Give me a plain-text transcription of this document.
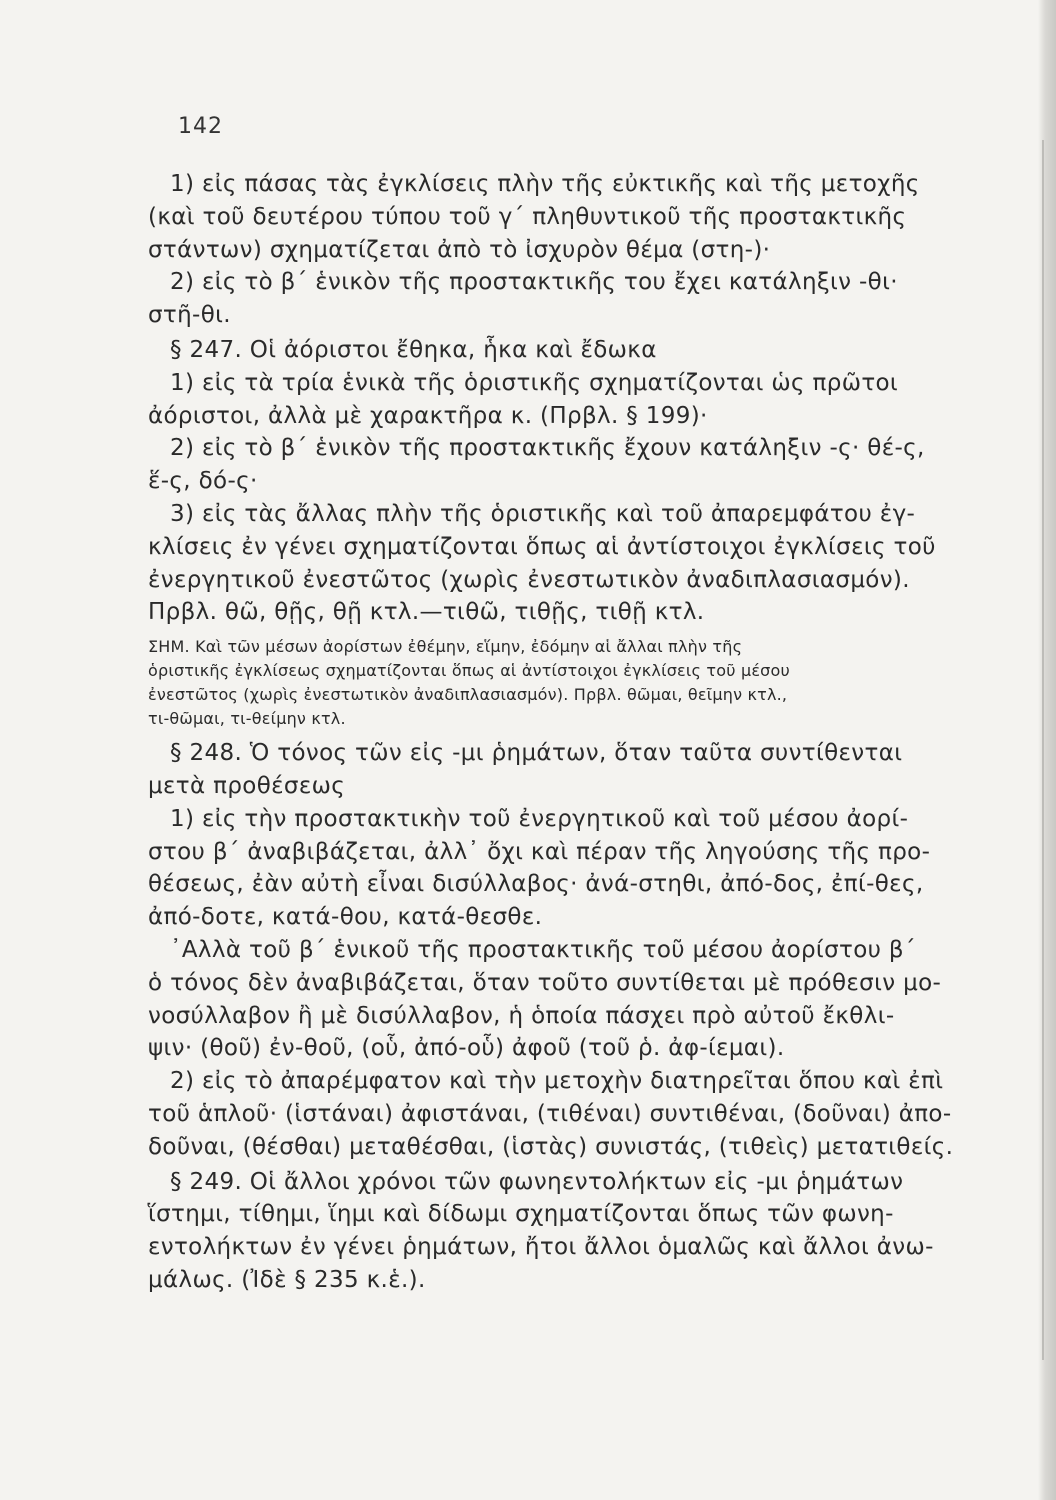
142
1) εἰς πάσας τὰς ἐγκλίσεις πλὴν τῆς εὐκτικῆς καὶ τῆς μετοχῆς
(καὶ τοῦ δευτέρου τύπου τοῦ γ΄ πληθυντικοῦ τῆς προστακτικῆς
στάντων) σχηματίζεται ἀπὸ τὸ ἰσχυρὸν θέμα (στη-)·
2) εἰς τὸ β΄ ἑνικὸν τῆς προστακτικῆς του ἔχει κατάληξιν -θι·
στῆ-θι.
§ 247. Οἱ ἀόριστοι ἔθηκα, ἧκα καὶ ἔδωκα
1) εἰς τὰ τρία ἑνικὰ τῆς ὁριστικῆς σχηματίζονται ὡς πρῶτοι
ἀόριστοι, ἀλλὰ μὲ χαρακτῆρα κ. (Πρβλ. § 199)·
2) εἰς τὸ β΄ ἑνικὸν τῆς προστακτικῆς ἔχουν κατάληξιν -ς· θέ-ς,
ἕ-ς, δό-ς·
3) εἰς τὰς ἄλλας πλὴν τῆς ὁριστικῆς καὶ τοῦ ἀπαρεμφάτου ἐγ-
κλίσεις ἐν γένει σχηματίζονται ὅπως αἱ ἀντίστοιχοι ἐγκλίσεις τοῦ
ἐνεργητικοῦ ἐνεστῶτος (χωρὶς ἐνεστωτικὸν ἀναδιπλασιασμόν).
Πρβλ. θῶ, θῇς, θῇ κτλ.—τιθῶ, τιθῇς, τιθῇ κτλ.
ΣΗΜ. Καὶ τῶν μέσων ἀορίστων ἐθέμην, εἵμην, ἐδόμην αἱ ἄλλαι πλὴν τῆς
ὁριστικῆς ἐγκλίσεως σχηματίζονται ὅπως αἱ ἀντίστοιχοι ἐγκλίσεις τοῦ μέσου
ἐνεστῶτος (χωρὶς ἐνεστωτικὸν ἀναδιπλασιασμόν). Πρβλ. θῶμαι, θεῖμην κτλ.,
τι-θῶμαι, τι-θείμην κτλ.
§ 248. Ὁ τόνος τῶν εἰς -μι ῥημάτων, ὅταν ταῦτα συντίθενται
μετὰ προθέσεως
1) εἰς τὴν προστακτικὴν τοῦ ἐνεργητικοῦ καὶ τοῦ μέσου ἀορί-
στου β΄ ἀναβιβάζεται, ἀλλ᾽ ὄχι καὶ πέραν τῆς ληγούσης τῆς προ-
θέσεως, ἐὰν αὐτὴ εἶναι δισύλλαβος· ἀνά-στηθι, ἀπό-δος, ἐπί-θες,
ἀπό-δοτε, κατά-θου, κατά-θεσθε.
᾿Αλλὰ τοῦ β΄ ἑνικοῦ τῆς προστακτικῆς τοῦ μέσου ἀορίστου β΄
ὁ τόνος δὲν ἀναβιβάζεται, ὅταν τοῦτο συντίθεται μὲ πρόθεσιν μο-
νοσύλλαβον ἢ μὲ δισύλλαβον, ἡ ὁποία πάσχει πρὸ αὐτοῦ ἔκθλι-
ψιν· (θοῦ) ἐν-θοῦ, (οὗ, ἀπό-οὗ) ἀφοῦ (τοῦ ῥ. ἀφ-ίεμαι).
2) εἰς τὸ ἀπαρέμφατον καὶ τὴν μετοχὴν διατηρεῖται ὅπου καὶ ἐπὶ
τοῦ ἁπλοῦ· (ἱστάναι) ἀφιστάναι, (τιθέναι) συντιθέναι, (δοῦναι) ἀπο-
δοῦναι, (θέσθαι) μεταθέσθαι, (ἱστὰς) συνιστάς, (τιθεὶς) μετατιθείς.
§ 249. Οἱ ἄλλοι χρόνοι τῶν φωνηεντολήκτων εἰς -μι ῥημάτων
ἵστημι, τίθημι, ἵημι καὶ δίδωμι σχηματίζονται ὅπως τῶν φωνη-
εντολήκτων ἐν γένει ῥημάτων, ἤτοι ἄλλοι ὁμαλῶς καὶ ἄλλοι ἀνω-
μάλως. (Ἰδὲ § 235 κ.ἑ.).
